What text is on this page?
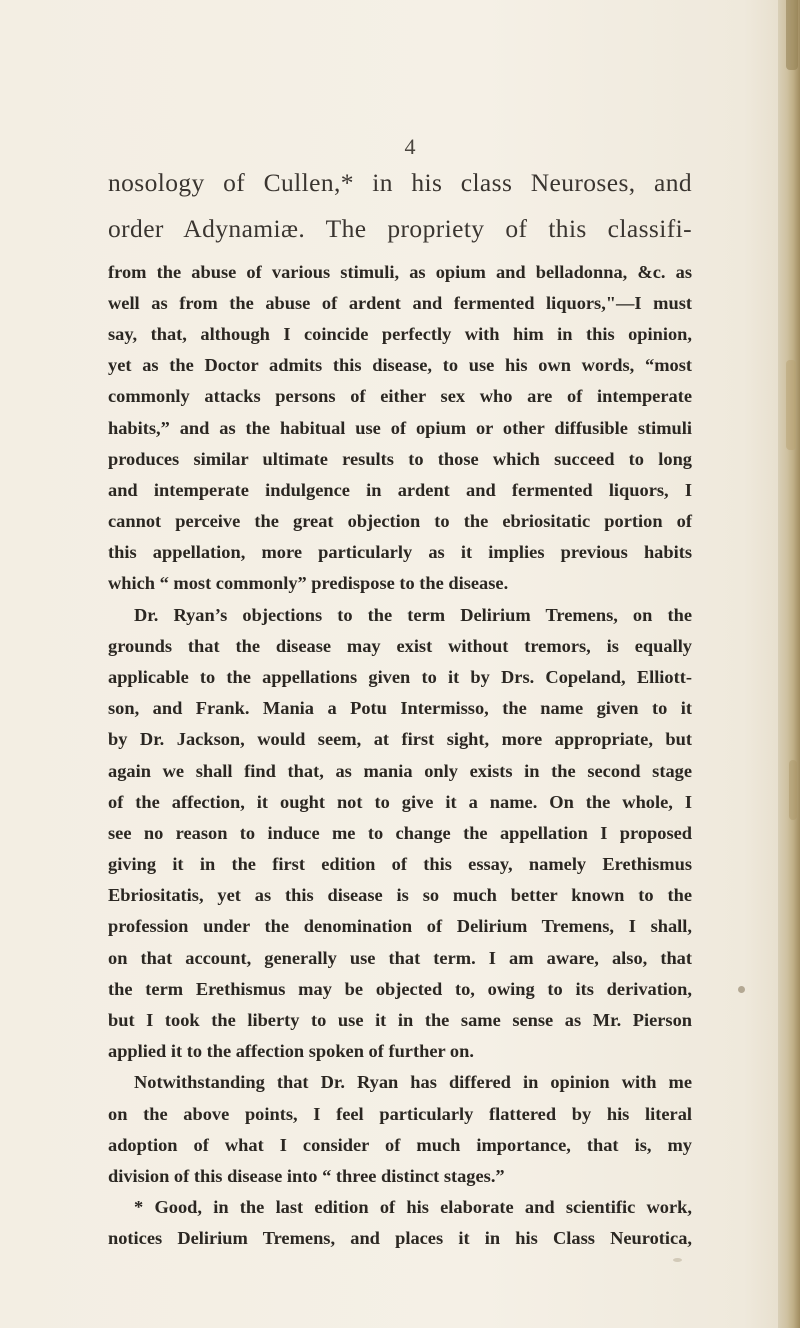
4
nosology of Cullen,* in his class Neuroses, and
order Adynamiæ. The propriety of this classifi-
from the abuse of various stimuli, as opium and belladonna, &c. as
well as from the abuse of ardent and fermented liquors,"—I must
say, that, although I coincide perfectly with him in this opinion,
yet as the Doctor admits this disease, to use his own words, “most
commonly attacks persons of either sex who are of intemperate
habits,” and as the habitual use of opium or other diffusible stimuli
produces similar ultimate results to those which succeed to long
and intemperate indulgence in ardent and fermented liquors, I
cannot perceive the great objection to the ebriositatic portion of
this appellation, more particularly as it implies previous habits
which “ most commonly” predispose to the disease.
Dr. Ryan’s objections to the term Delirium Tremens, on the
grounds that the disease may exist without tremors, is equally
applicable to the appellations given to it by Drs. Copeland, Elliott-
son, and Frank. Mania a Potu Intermisso, the name given to it
by Dr. Jackson, would seem, at first sight, more appropriate, but
again we shall find that, as mania only exists in the second stage
of the affection, it ought not to give it a name. On the whole, I
see no reason to induce me to change the appellation I proposed
giving it in the first edition of this essay, namely Erethismus
Ebriositatis, yet as this disease is so much better known to the
profession under the denomination of Delirium Tremens, I shall,
on that account, generally use that term. I am aware, also, that
the term Erethismus may be objected to, owing to its derivation,
but I took the liberty to use it in the same sense as Mr. Pierson
applied it to the affection spoken of further on.
Notwithstanding that Dr. Ryan has differed in opinion with me
on the above points, I feel particularly flattered by his literal
adoption of what I consider of much importance, that is, my
division of this disease into “ three distinct stages.”
* Good, in the last edition of his elaborate and scientific work,
notices Delirium Tremens, and places it in his Class Neurotica,
